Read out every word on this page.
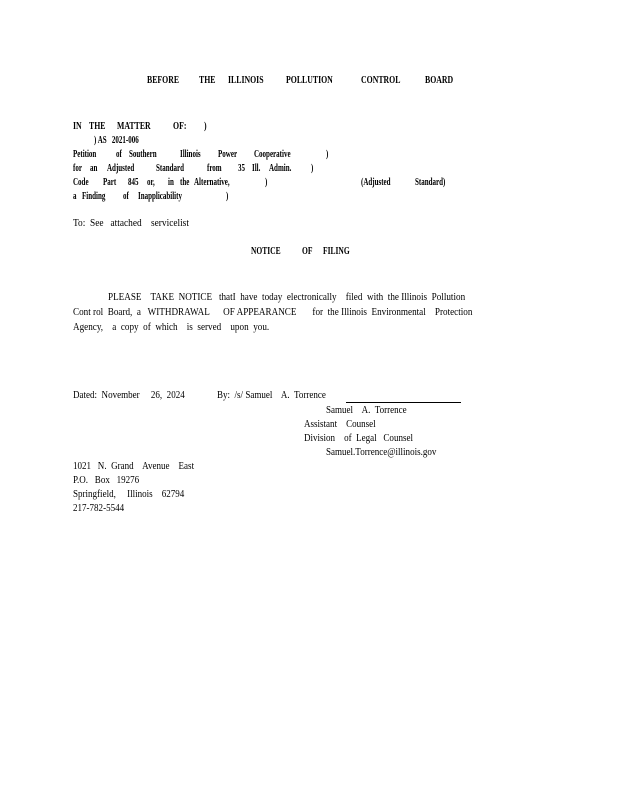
BEFORE THE ILLINOIS POLLUTION	CONTROL BOARD
IN THE MATTER OF: )
) AS   2021-006
Petition of Southern Illinois Power Cooperative	)
for an Adjusted Standard from 35 Ill. Admin. )
Code Part 845 or, in the Alternative,	)	(Adjusted Standard)
a Finding of Inapplicability	)
To:  See   attached    servicelist
NOTICE OF FILING
PLEASE    TAKE  NOTICE   thatI  have  today  electronically    filed  with  the Illinois  Pollution
Cont rol  Board,  a   WITHDRAWAL      OF APPEARANCE       for  the Illinois  Environmental    Protection
Agency,    a  copy  of  which    is  served    upon  you.
Dated:  November     26,  2024	By:  /s/ Samuel    A.  Torrence
Samuel    A.  Torrence
Assistant    Counsel
Division    of  Legal   Counsel
Samuel.Torrence@illinois.gov
1021   N.  Grand    Avenue    East
P.O.   Box   19276
Springfield,     Illinois    62794
217-782-5544
